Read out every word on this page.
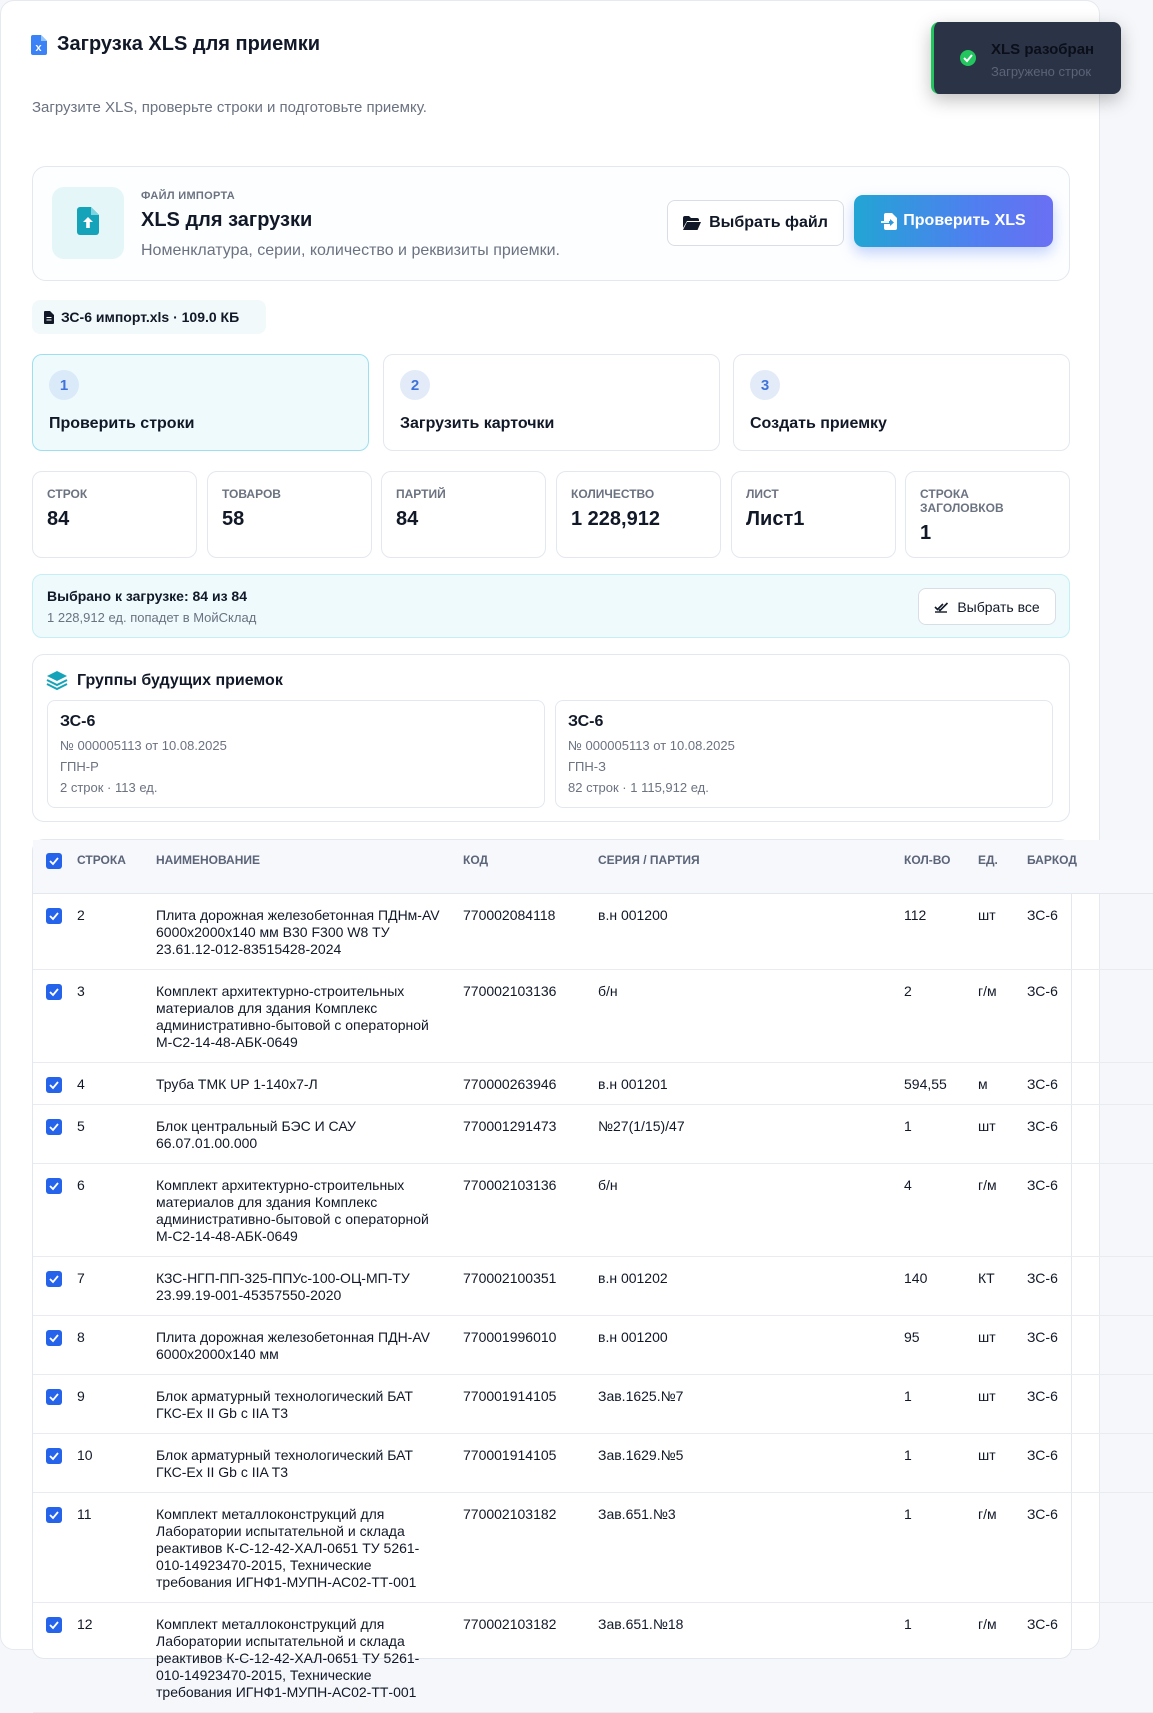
Загрузка XLS для приемки
Загрузите XLS, проверьте строки и подготовьте приемку.
XLS разобран
Загружено строк
ФАЙЛ ИМПОРТА
XLS для загрузки
Номенклатура, серии, количество и реквизиты приемки.
Выбрать файл	Проверить XLS
ЗС-6 импорт.xls · 109.0 КБ
1
Проверить строки
2
Загрузить карточки
3
Создать приемку
СТРОК
84
ТОВАРОВ
58
ПАРТИЙ
84
КОЛИЧЕСТВО
1 228,912
ЛИСТ
Лист1
СТРОКА ЗАГОЛОВКОВ
1
Выбрано к загрузке: 84 из 84
1 228,912 ед. попадет в МойСклад
Выбрать все
Группы будущих приемок
ЗС-6
№ 000005113 от 10.08.2025
ГПН-Р
2 строк · 113 ед.
ЗС-6
№ 000005113 от 10.08.2025
ГПН-З
82 строк · 1 115,912 ед.
	СТРОКА	НАИМЕНОВАНИЕ	КОД	СЕРИЯ / ПАРТИЯ	КОЛ-ВО	ЕД.	БАРКОД

	2	Плита дорожная железобетонная ПДНм-AV 6000x2000x140 мм В30 F300 W8 ТУ 23.61.12-012-83515428-2024	770002084118	в.н 001200	112	шт	ЗС-6

	3	Комплект архитектурно-строительных материалов для здания Комплекс административно-бытовой с операторной М-С2-14-48-АБК-0649	770002103136	б/н	2	г/м	ЗС-6

	4	Труба ТМК UP 1-140х7-Л	770000263946	в.н 001201	594,55	м	ЗС-6

	5	Блок центральный БЭС И САУ 66.07.01.00.000	770001291473	№27(1/15)/47	1	шт	ЗС-6

	6	Комплект архитектурно-строительных материалов для здания Комплекс административно-бытовой с операторной М-С2-14-48-АБК-0649	770002103136	б/н	4	г/м	ЗС-6

	7	КЗС-НГП-ПП-325-ППУс-100-ОЦ-МП-ТУ 23.99.19-001-45357550-2020	770002100351	в.н 001202	140	КТ	ЗС-6

	8	Плита дорожная железобетонная ПДН-AV 6000x2000x140 мм	770001996010	в.н 001200	95	шт	ЗС-6

	9	Блок арматурный технологический БАТ ГКС-Ex II Gb с IIA T3	770001914105	Зав.1625.№7	1	шт	ЗС-6

	10	Блок арматурный технологический БАТ ГКС-Ex II Gb с IIA T3	770001914105	Зав.1629.№5	1	шт	ЗС-6

	11	Комплект металлоконструкций для Лаборатории испытательной и склада реактивов К-С-12-42-ХАЛ-0651 ТУ 5261-010-14923470-2015, Технические требования ИГНФ1-МУПН-АС02-ТТ-001	770002103182	Зав.651.№3	1	г/м	ЗС-6

	12	Комплект металлоконструкций для Лаборатории испытательной и склада реактивов К-С-12-42-ХАЛ-0651 ТУ 5261-010-14923470-2015, Технические требования ИГНФ1-МУПН-АС02-ТТ-001	770002103182	Зав.651.№18	1	г/м	ЗС-6
